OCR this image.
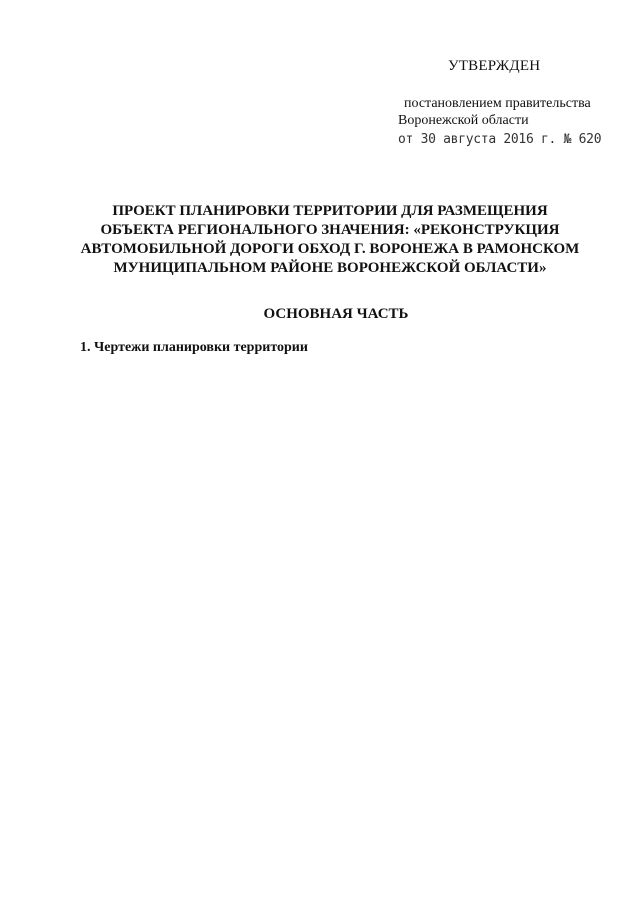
УТВЕРЖДЕН
постановлением правительства
Воронежской области
от 30 августа 2016 г. № 620
ПРОЕКТ ПЛАНИРОВКИ ТЕРРИТОРИИ ДЛЯ РАЗМЕЩЕНИЯ
ОБЪЕКТА РЕГИОНАЛЬНОГО ЗНАЧЕНИЯ: «РЕКОНСТРУКЦИЯ
АВТОМОБИЛЬНОЙ ДОРОГИ ОБХОД Г. ВОРОНЕЖА В РАМОНСКОМ
МУНИЦИПАЛЬНОМ РАЙОНЕ ВОРОНЕЖСКОЙ ОБЛАСТИ»
ОСНОВНАЯ ЧАСТЬ
1. Чертежи планировки территории
